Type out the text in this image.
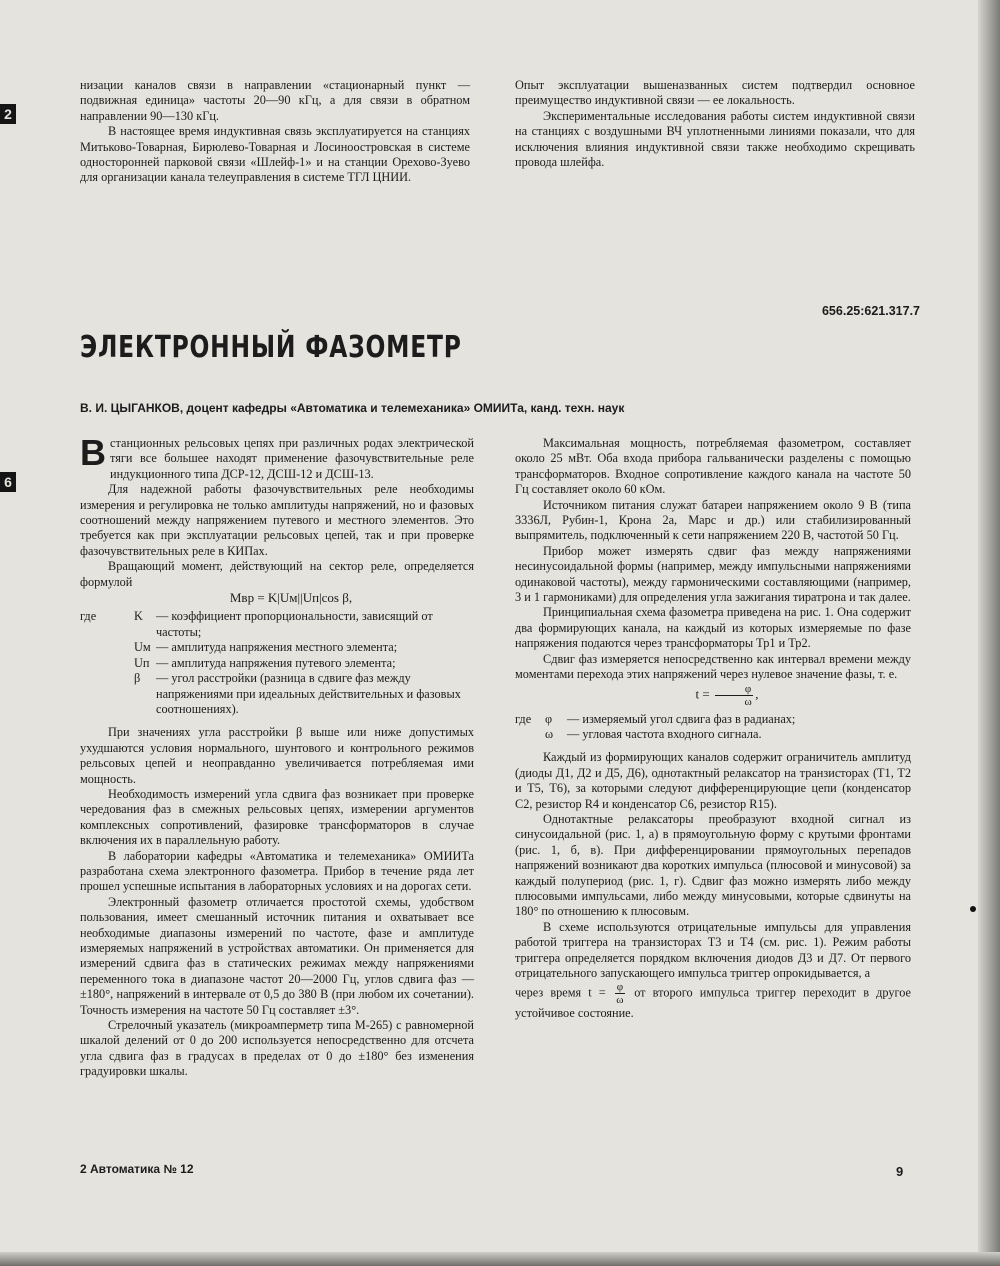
2
6

низации каналов связи в направлении «стационарный пункт — подвижная единица» частоты 20—90 кГц, а для связи в обратном направлении 90—130 кГц.

В настоящее время индуктивная связь эксплуатируется на станциях Митьково-Товарная, Бирюлево-Товарная и Лосиноостровская в системе односторонней парковой связи «Шлейф-1» и на станции Орехово-Зуево для организации канала телеуправления в системе ТГЛ ЦНИИ.

Опыт эксплуатации вышеназванных систем подтвердил основное преимущество индуктивной связи — ее локальность.

Экспериментальные исследования работы систем индуктивной связи на станциях с воздушными ВЧ уплотненными линиями показали, что для исключения влияния индуктивной связи также необходимо скрещивать провода шлейфа.

656.25:621.317.7
ЭЛЕКТРОННЫЙ ФАЗОМЕТР
В. И. ЦЫГАНКОВ, доцент кафедры «Автоматика и телемеханика» ОМИИТа, канд. техн. наук

Встанционных рельсовых цепях при различных родах электрической тяги все большее находят применение фазочувствительные реле индукционного типа ДСР-12, ДСШ-12 и ДСШ-13.

Для надежной работы фазочувствительных реле необходимы измерения и регулировка не только амплитуды напряжений, но и фазовых соотношений между напряжением путевого и местного элементов. Это требуется как при эксплуатации рельсовых цепей, так и при проверке фазочувствительных реле в КИПах.

Вращающий момент, действующий на сектор реле, определяется формулой

Mвр = K|Uм||Uп|cos β,

где	K	— коэффициент пропорциональности, зависящий от частоты;
Uм — амплитуда напряжения местного элемента;
Uп — амплитуда напряжения путевого элемента;
β	— угол расстройки (разница в сдвиге фаз между напряжениями при идеальных действительных и фазовых соотношениях).

При значениях угла расстройки β выше или ниже допустимых ухудшаются условия нормального, шунтового и контрольного режимов рельсовых цепей и неоправданно увеличивается потребляемая ими мощность.

Необходимость измерений угла сдвига фаз возникает при проверке чередования фаз в смежных рельсовых цепях, измерении аргументов комплексных сопротивлений, фазировке трансформаторов в случае включения их в параллельную работу.

В лаборатории кафедры «Автоматика и телемеханика» ОМИИТа разработана схема электронного фазометра. Прибор в течение ряда лет прошел успешные испытания в лабораторных условиях и на дорогах сети.

Электронный фазометр отличается простотой схемы, удобством пользования, имеет смешанный источник питания и охватывает все необходимые диапазоны измерений по частоте, фазе и амплитуде измеряемых напряжений в устройствах автоматики. Он применяется для измерений сдвига фаз в статических режимах между напряжениями переменного тока в диапазоне частот 20—2000 Гц, углов сдвига фаз — ±180°, напряжений в интервале от 0,5 до 380 В (при любом их сочетании). Точность измерения на частоте 50 Гц составляет ±3°.

Стрелочный указатель (микроамперметр типа М-265) с равномерной шкалой делений от 0 до 200 используется непосредственно для отсчета угла сдвига фаз в градусах в пределах от 0 до ±180° без изменения градуировки шкалы.

Максимальная мощность, потребляемая фазометром, составляет около 25 мВт. Оба входа прибора гальванически разделены с помощью трансформаторов. Входное сопротивление каждого канала на частоте 50 Гц составляет около 60 кОм.

Источником питания служат батареи напряжением около 9 В (типа 3336Л, Рубин-1, Крона 2а, Марс и др.) или стабилизированный выпрямитель, подключенный к сети напряжением 220 В, частотой 50 Гц.

Прибор может измерять сдвиг фаз между напряжениями несинусоидальной формы (например, между импульсными напряжениями одинаковой частоты), между гармоническими составляющими (например, 3 и 1 гармониками) для определения угла зажигания тиратрона и так далее.

Принципиальная схема фазометра приведена на рис. 1. Она содержит два формирующих канала, на каждый из которых измеряемые по фазе напряжения подаются через трансформаторы Тр1 и Тр2.

Сдвиг фаз измеряется непосредственно как интервал времени между моментами перехода этих напряжений через нулевое значение фазы, т. е.

$t = \frac{\varphi}{\omega}$ ,

где	φ	— измеряемый угол сдвига фаз в радианах;
ω	— угловая частота входного сигнала.

Каждый из формирующих каналов содержит ограничитель амплитуд (диоды Д1, Д2 и Д5, Д6), однотактный релаксатор на транзисторах (Т1, Т2 и Т5, Т6), за которыми следуют дифференцирующие цепи (конденсатор С2, резистор R4 и конденсатор С6, резистор R15).

Однотактные релаксаторы преобразуют входной сигнал из синусоидальной (рис. 1, а) в прямоугольную форму с крутыми фронтами (рис. 1, б, в). При дифференцировании прямоугольных перепадов напряжений возникают два коротких импульса (плюсовой и минусовой) за каждый полупериод (рис. 1, г). Сдвиг фаз можно измерять либо между плюсовыми импульсами, либо между минусовыми, которые сдвинуты на 180° по отношению к плюсовым.

В схеме используются отрицательные импульсы для управления работой триггера на транзисторах Т3 и Т4 (см. рис. 1). Режим работы триггера определяется порядком включения диодов Д3 и Д7. От первого отрицательного запускающего импульса триггер опрокидывается, а

через время $t = \frac{\varphi}{\omega}$ от второго импульса триггер переходит в другое устойчивое состояние.

2 Автоматика № 12	9
